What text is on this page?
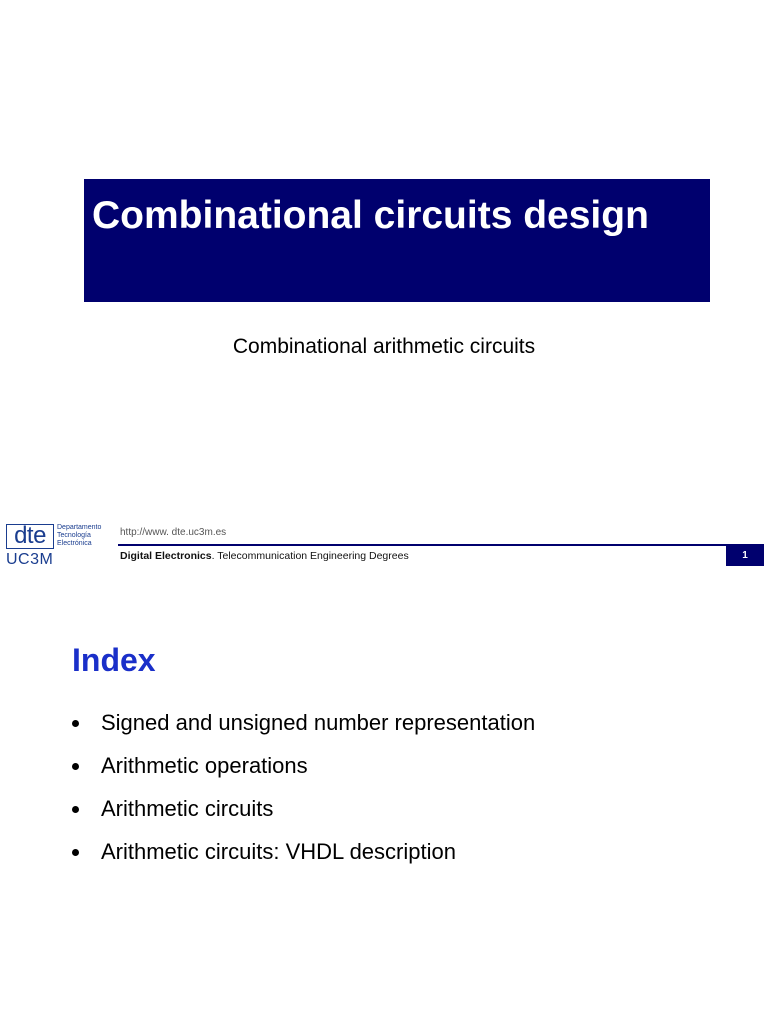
Combinational circuits design
Combinational arithmetic circuits
dte	Departamento
Tecnología
Electrónica
UC3M
http://www. dte.uc3m.es
Digital Electronics. Telecommunication Engineering Degrees	1
Index
Signed and unsigned number representation
Arithmetic operations
Arithmetic circuits
Arithmetic circuits: VHDL description
